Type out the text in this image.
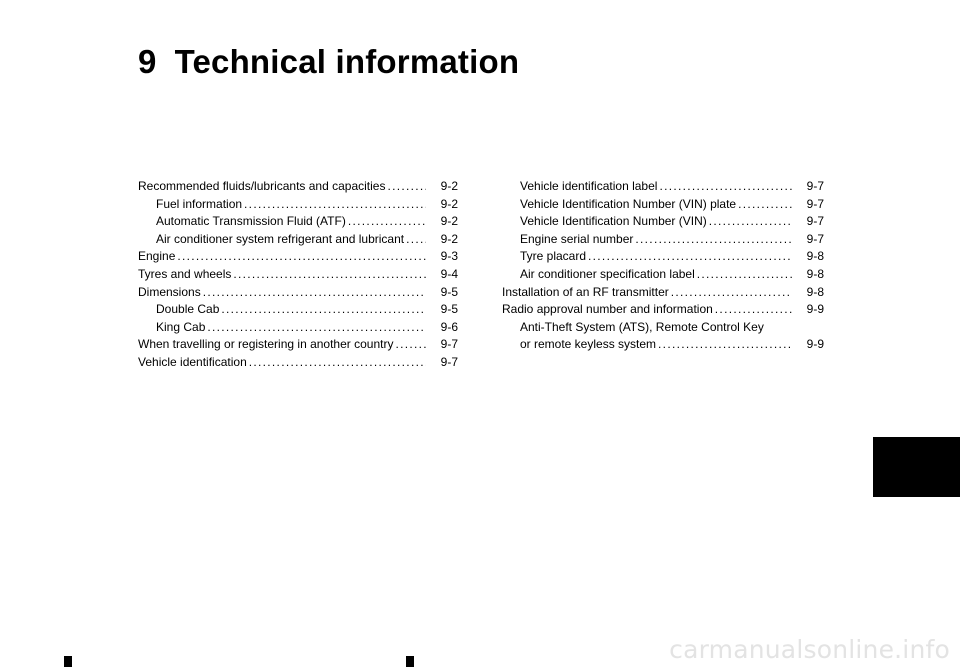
9 Technical information
Recommended fluids/lubricants and capacities .....	9-2
Fuel information .....	9-2
Automatic Transmission Fluid (ATF) .....	9-2
Air conditioner system refrigerant and lubricant .....	9-2
Engine .....	9-3
Tyres and wheels .....	9-4
Dimensions .....	9-5
Double Cab .....	9-5
King Cab .....	9-6
When travelling or registering in another country .....	9-7
Vehicle identification .....	9-7
Vehicle identification label .....	9-7
Vehicle Identification Number (VIN) plate .....	9-7
Vehicle Identification Number (VIN) .....	9-7
Engine serial number .....	9-7
Tyre placard .....	9-8
Air conditioner specification label .....	9-8
Installation of an RF transmitter .....	9-8
Radio approval number and information .....	9-9
Anti-Theft System (ATS), Remote Control Key
or remote keyless system .....	9-9
carmanualsonline.info
